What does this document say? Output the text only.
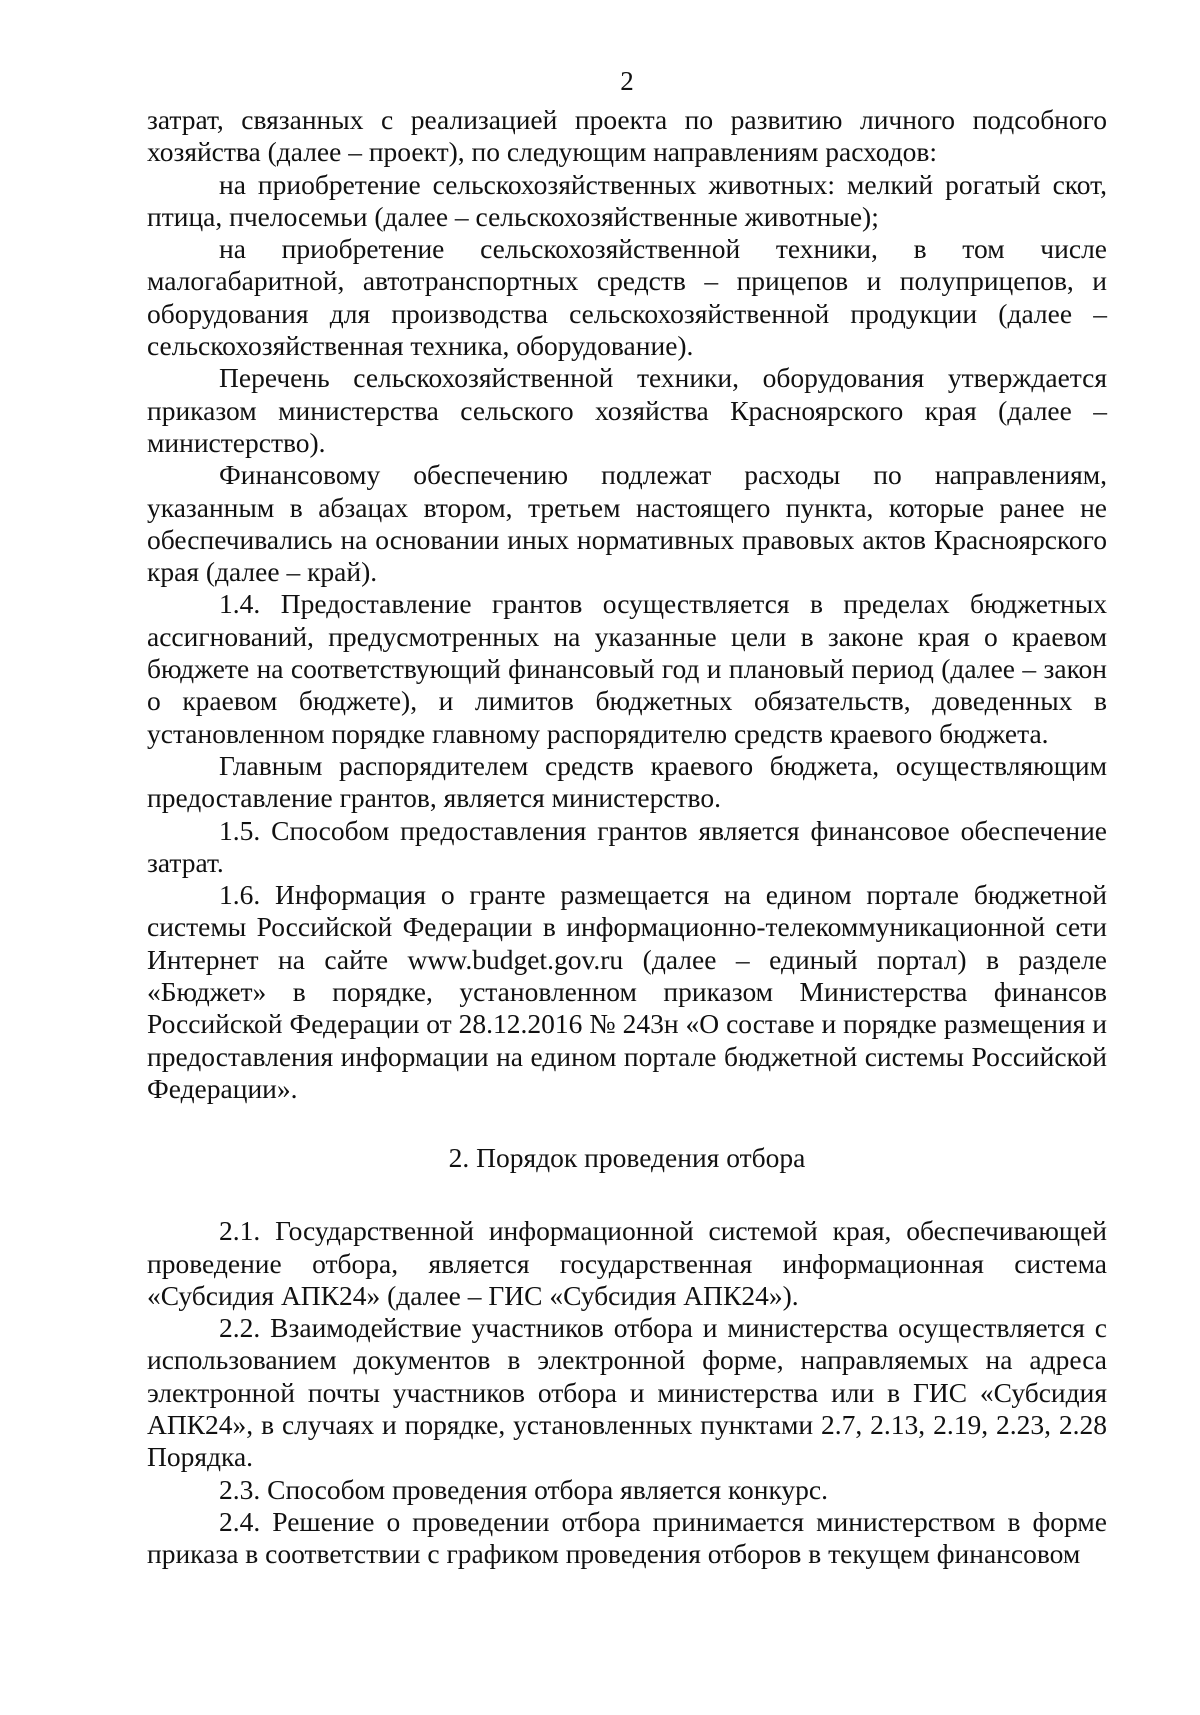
2

затрат, связанных с реализацией проекта по развитию личного подсобного хозяйства (далее – проект), по следующим направлениям расходов:

на приобретение сельскохозяйственных животных: мелкий рогатый скот, птица, пчелосемьи (далее – сельскохозяйственные животные);

на приобретение сельскохозяйственной техники, в том числе малогабаритной, автотранспортных средств – прицепов и полуприцепов, и оборудования для производства сельскохозяйственной продукции (далее – сельскохозяйственная техника, оборудование).

Перечень сельскохозяйственной техники, оборудования утверждается приказом министерства сельского хозяйства Красноярского края (далее – министерство).

Финансовому обеспечению подлежат расходы по направлениям, указанным в абзацах втором, третьем настоящего пункта, которые ранее не обеспечивались на основании иных нормативных правовых актов Красноярского края (далее – край).

1.4. Предоставление грантов осуществляется в пределах бюджетных ассигнований, предусмотренных на указанные цели в законе края о краевом бюджете на соответствующий финансовый год и плановый период (далее – закон о краевом бюджете), и лимитов бюджетных обязательств, доведенных в установленном порядке главному распорядителю средств краевого бюджета.

Главным распорядителем средств краевого бюджета, осуществляющим предоставление грантов, является министерство.

1.5. Способом предоставления грантов является финансовое обеспечение затрат.

1.6. Информация о гранте размещается на едином портале бюджетной системы Российской Федерации в информационно-телекоммуникационной сети Интернет на сайте www.budget.gov.ru (далее – единый портал) в разделе «Бюджет» в порядке, установленном приказом Министерства финансов Российской Федерации от 28.12.2016 № 243н «О составе и порядке размещения и предоставления информации на едином портале бюджетной системы Российской Федерации».

2. Порядок проведения отбора

2.1. Государственной информационной системой края, обеспечивающей проведение отбора, является государственная информационная система «Субсидия АПК24» (далее – ГИС «Субсидия АПК24»).

2.2. Взаимодействие участников отбора и министерства осуществляется с использованием документов в электронной форме, направляемых на адреса электронной почты участников отбора и министерства или в ГИС «Субсидия АПК24», в случаях и порядке, установленных пунктами 2.7, 2.13, 2.19, 2.23, 2.28 Порядка.

2.3. Способом проведения отбора является конкурс.

2.4. Решение о проведении отбора принимается министерством в форме приказа в соответствии с графиком проведения отборов в текущем финансовом
